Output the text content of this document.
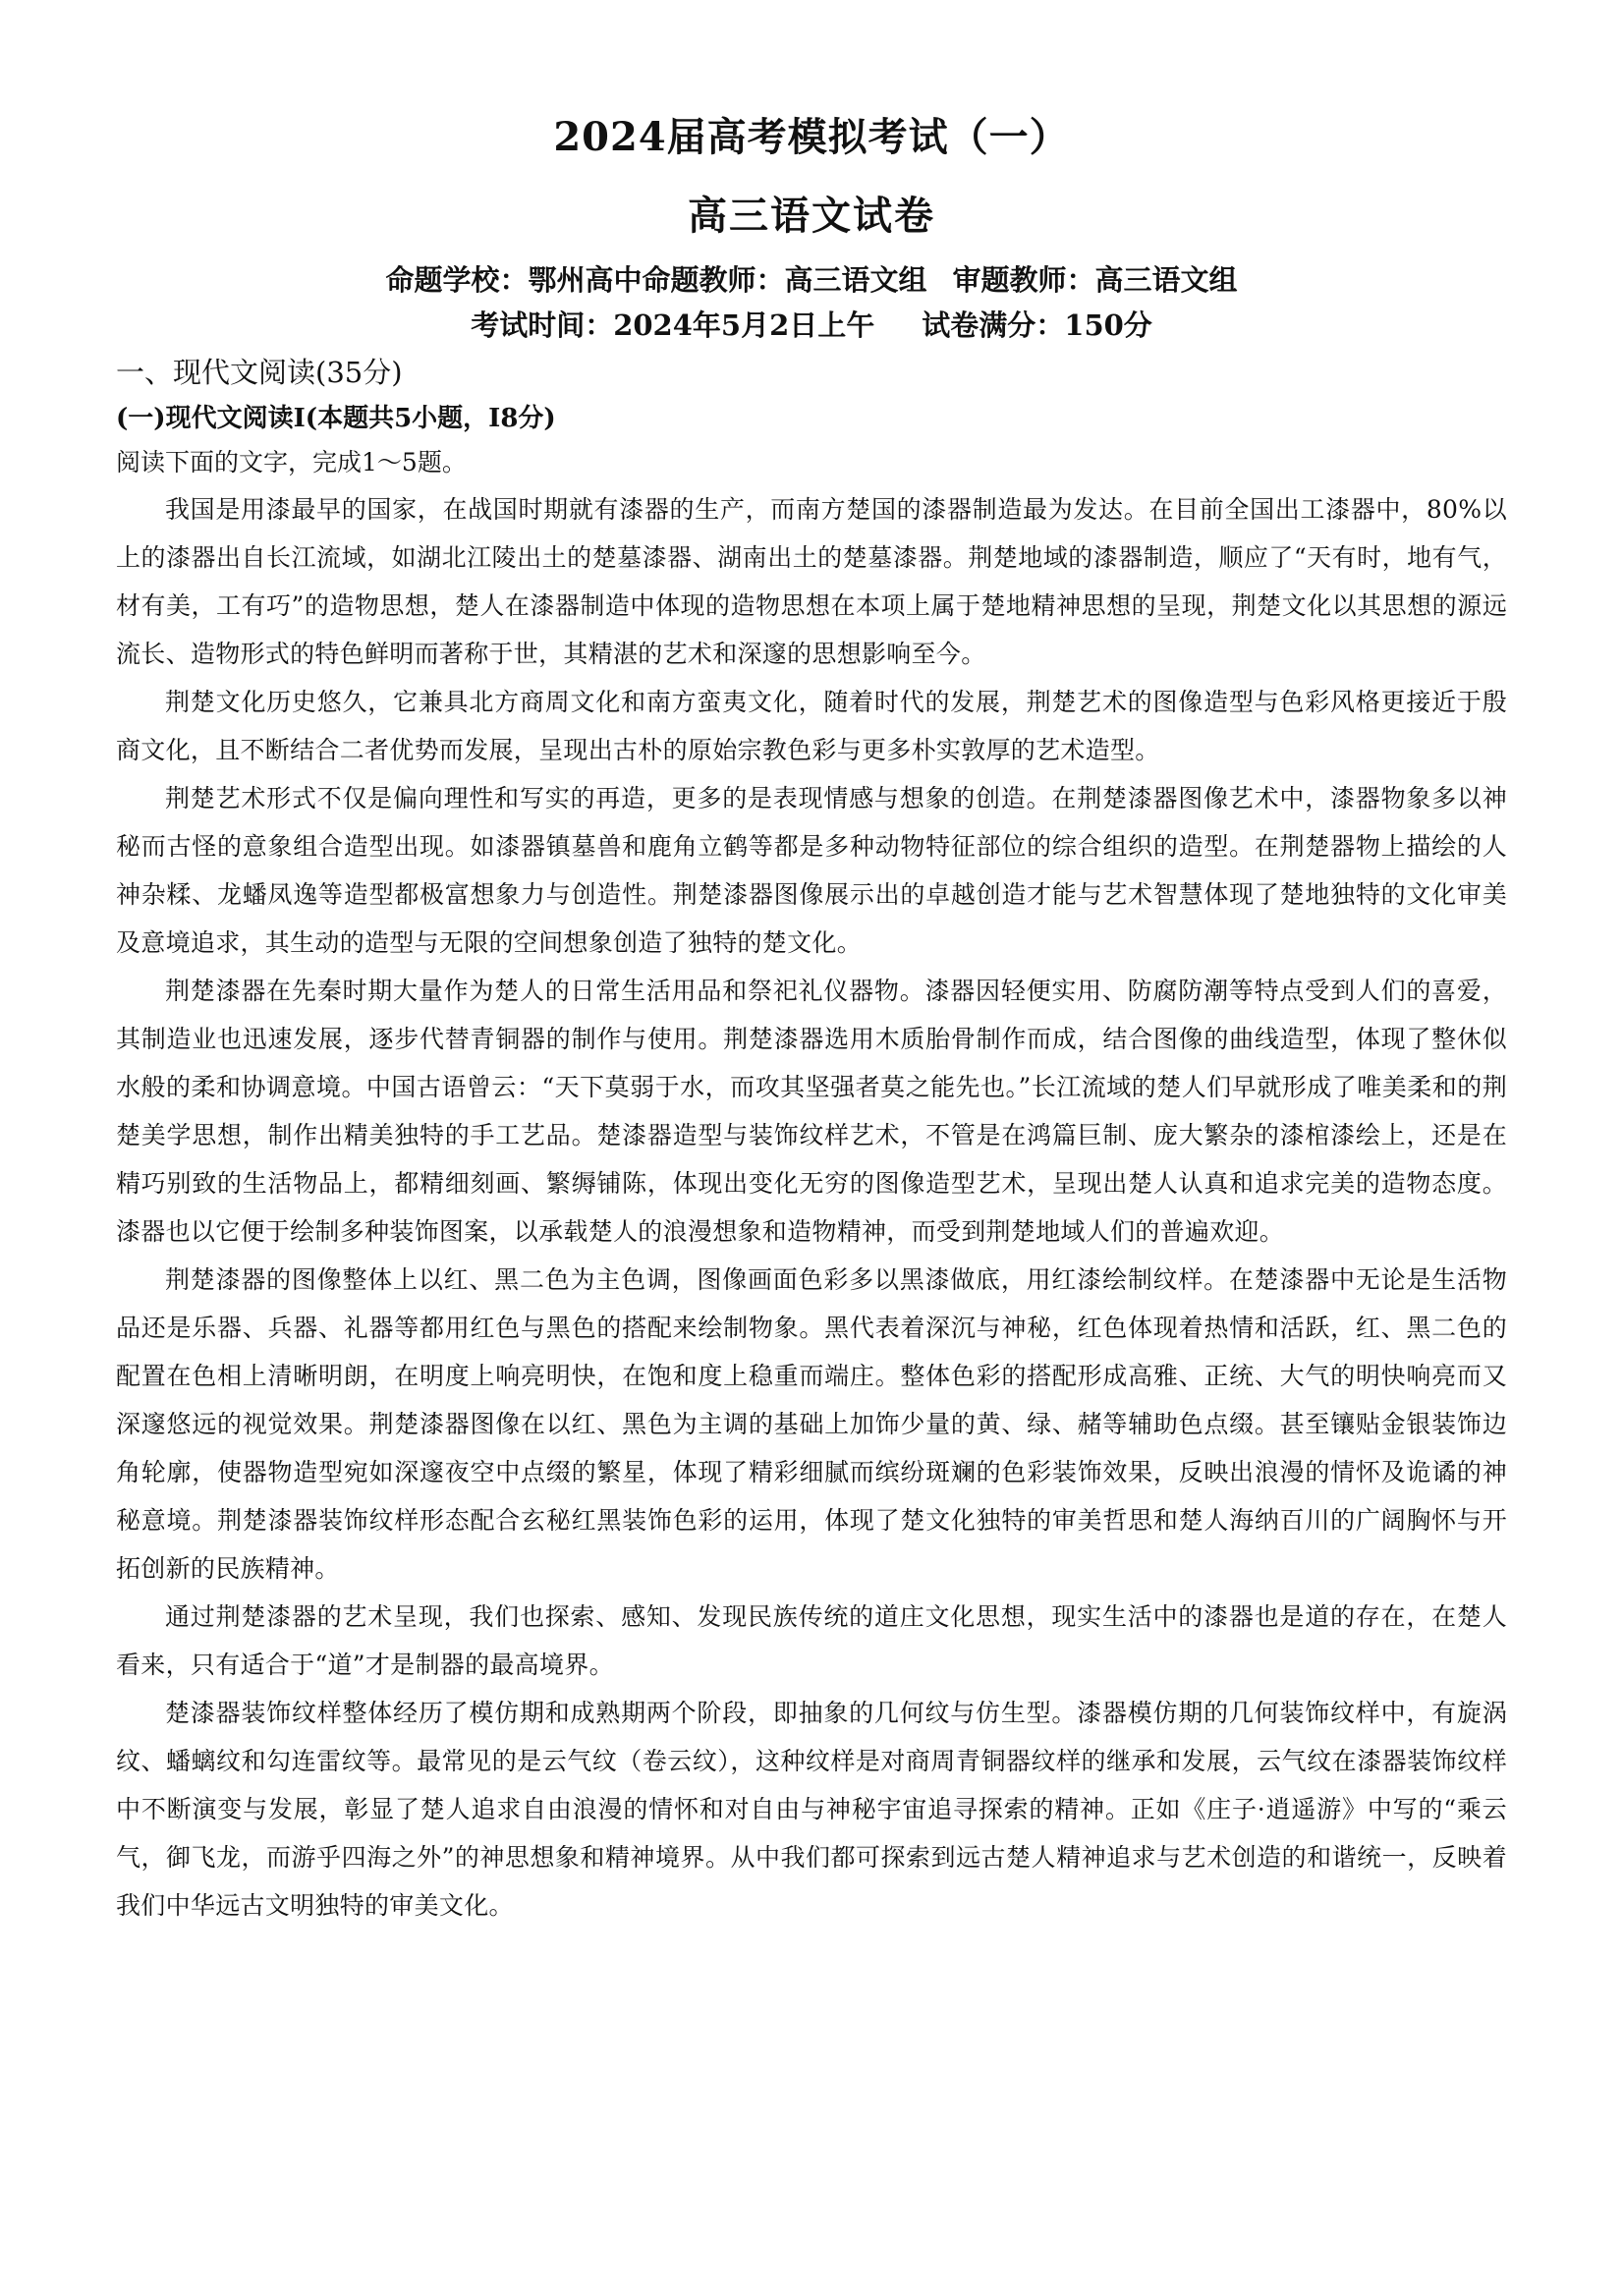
2024届高考模拟考试（一）
高三语文试卷
命题学校：鄂州高中命题教师：高三语文组 审题教师：高三语文组
考试时间：2024年5月2日上午 试卷满分：150分
一、现代文阅读(35分)
(一)现代文阅读Ⅰ(本题共5小题，I8分)
阅读下面的文字，完成1～5题。

我国是用漆最早的国家，在战国时期就有漆器的生产，而南方楚国的漆器制造最为发达。在目前全国出工漆器中，80%以上的漆器出自长江流域，如湖北江陵出土的楚墓漆器、湖南出土的楚墓漆器。荆楚地域的漆器制造，顺应了“天有时，地有气，材有美，工有巧”的造物思想，楚人在漆器制造中体现的造物思想在本项上属于楚地精神思想的呈现，荆楚文化以其思想的源远流长、造物形式的特色鲜明而著称于世，其精湛的艺术和深邃的思想影响至今。

荆楚文化历史悠久，它兼具北方商周文化和南方蛮夷文化，随着时代的发展，荆楚艺术的图像造型与色彩风格更接近于殷商文化，且不断结合二者优势而发展，呈现出古朴的原始宗教色彩与更多朴实敦厚的艺术造型。

荆楚艺术形式不仅是偏向理性和写实的再造，更多的是表现情感与想象的创造。在荆楚漆器图像艺术中，漆器物象多以神秘而古怪的意象组合造型出现。如漆器镇墓兽和鹿角立鹤等都是多种动物特征部位的综合组织的造型。在荆楚器物上描绘的人神杂糅、龙蟠凤逸等造型都极富想象力与创造性。荆楚漆器图像展示出的卓越创造才能与艺术智慧体现了楚地独特的文化审美及意境追求，其生动的造型与无限的空间想象创造了独特的楚文化。

荆楚漆器在先秦时期大量作为楚人的日常生活用品和祭祀礼仪器物。漆器因轻便实用、防腐防潮等特点受到人们的喜爱，其制造业也迅速发展，逐步代替青铜器的制作与使用。荆楚漆器选用木质胎骨制作而成，结合图像的曲线造型，体现了整休似水般的柔和协调意境。中国古语曾云：“天下莫弱于水，而攻其坚强者莫之能先也。”长江流域的楚人们早就形成了唯美柔和的荆楚美学思想，制作出精美独特的手工艺品。楚漆器造型与装饰纹样艺术，不管是在鸿篇巨制、庞大繁杂的漆棺漆绘上，还是在精巧别致的生活物品上，都精细刻画、繁缛铺陈，体现出变化无穷的图像造型艺术，呈现出楚人认真和追求完美的造物态度。漆器也以它便于绘制多种装饰图案，以承载楚人的浪漫想象和造物精神，而受到荆楚地域人们的普遍欢迎。

荆楚漆器的图像整体上以红、黑二色为主色调，图像画面色彩多以黑漆做底，用红漆绘制纹样。在楚漆器中无论是生活物品还是乐器、兵器、礼器等都用红色与黑色的搭配来绘制物象。黑代表着深沉与神秘，红色体现着热情和活跃，红、黑二色的配置在色相上清晰明朗，在明度上响亮明快，在饱和度上稳重而端庄。整体色彩的搭配形成高雅、正统、大气的明快响亮而又深邃悠远的视觉效果。荆楚漆器图像在以红、黑色为主调的基础上加饰少量的黄、绿、赭等辅助色点缀。甚至镶贴金银装饰边角轮廓，使器物造型宛如深邃夜空中点缀的繁星，体现了精彩细腻而缤纷斑斓的色彩装饰效果，反映出浪漫的情怀及诡谲的神秘意境。荆楚漆器装饰纹样形态配合玄秘红黑装饰色彩的运用，体现了楚文化独特的审美哲思和楚人海纳百川的广阔胸怀与开拓创新的民族精神。

通过荆楚漆器的艺术呈现，我们也探索、感知、发现民族传统的道庄文化思想，现实生活中的漆器也是道的存在，在楚人看来，只有适合于“道”才是制器的最高境界。

楚漆器装饰纹样整体经历了模仿期和成熟期两个阶段，即抽象的几何纹与仿生型。漆器模仿期的几何装饰纹样中，有旋涡纹、蟠螭纹和勾连雷纹等。最常见的是云气纹（卷云纹），这种纹样是对商周青铜器纹样的继承和发展，云气纹在漆器装饰纹样中不断演变与发展，彰显了楚人追求自由浪漫的情怀和对自由与神秘宇宙追寻探索的精神。正如《庄子·逍遥游》中写的“乘云气，御飞龙，而游乎四海之外”的神思想象和精神境界。从中我们都可探索到远古楚人精神追求与艺术创造的和谐统一，反映着我们中华远古文明独特的审美文化。
